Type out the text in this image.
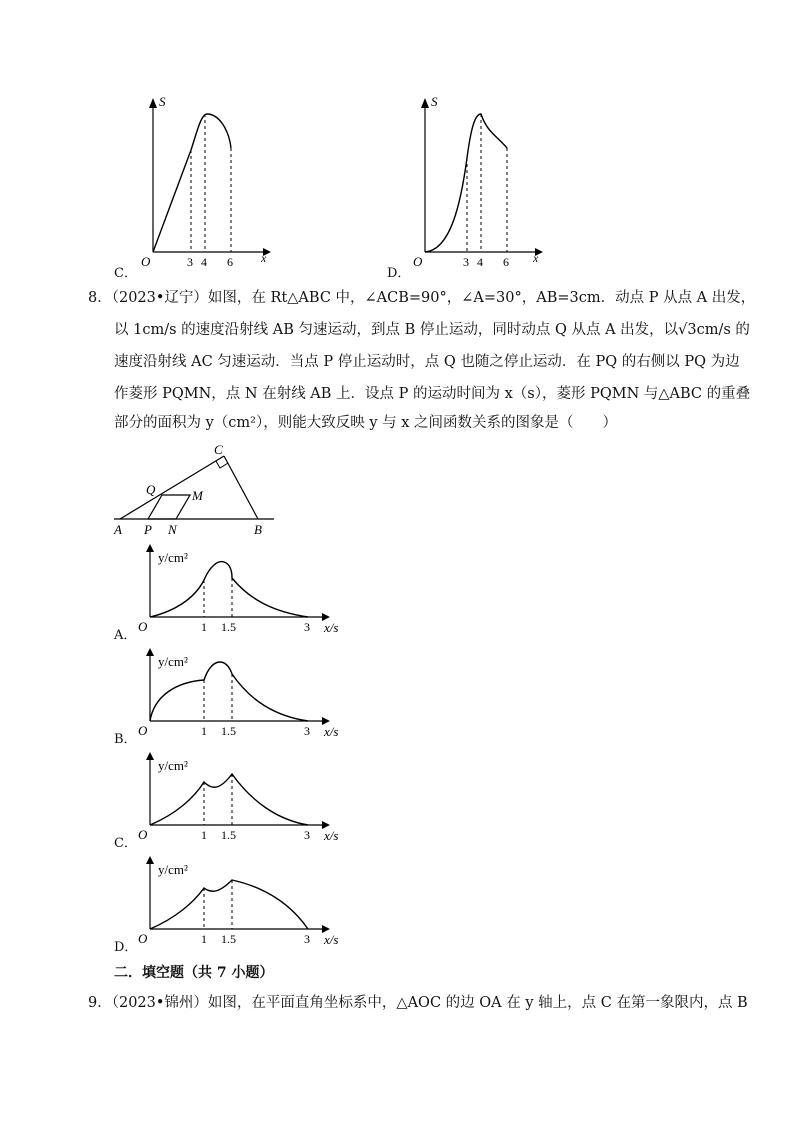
C．
S
x
O	3 4 6
D．
S
x
O	3 4 6
8．（2023•辽宁）如图，在 Rt△ABC 中，∠ACB=90°，∠A=30°，AB=3cm．动点 P 从点 A 出发，
以 1cm/s 的速度沿射线 AB 匀速运动，到点 B 停止运动，同时动点 Q 从点 A 出发，以√3cm/s 的
速度沿射线 AC 匀速运动．当点 P 停止运动时，点 Q 也随之停止运动．在 PQ 的右侧以 PQ 为边
作菱形 PQMN，点 N 在射线 AB 上．设点 P 的运动时间为 x（s），菱形 PQMN 与△ABC 的重叠
部分的面积为 y（cm²），则能大致反映 y 与 x 之间函数关系的图象是（　　）
A	B
C
P
Q	M
N
A．
y/cm²
x/s
O	1 1.5	3
B．
y/cm²
x/s
O	1 1.5	3
C．
y/cm²
x/s
O	1 1.5	3
D．
y/cm²
x/s
O	1 1.5	3
二．填空题（共 7 小题）
9．（2023•锦州）如图，在平面直角坐标系中，△AOC 的边 OA 在 y 轴上，点 C 在第一象限内，点 B
